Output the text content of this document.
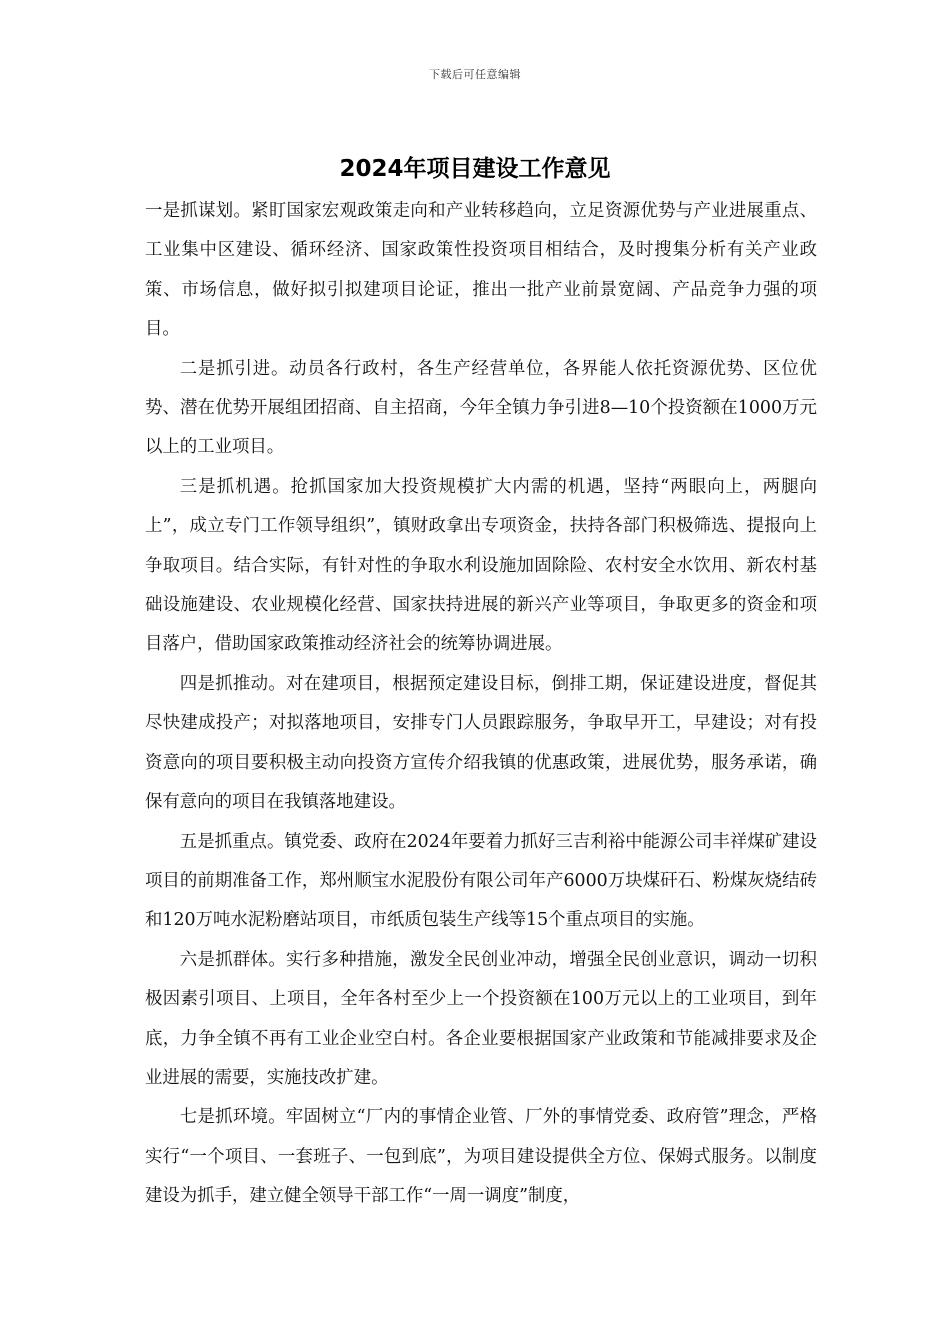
下载后可任意编辑
2024年项目建设工作意见

一是抓谋划。紧盯国家宏观政策走向和产业转移趋向，立足资源优势与产业进展重点、工业集中区建设、循环经济、国家政策性投资项目相结合，及时搜集分析有关产业政策、市场信息，做好拟引拟建项目论证，推出一批产业前景宽阔、产品竞争力强的项目。

二是抓引进。动员各行政村，各生产经营单位，各界能人依托资源优势、区位优势、潜在优势开展组团招商、自主招商，今年全镇力争引进8—10个投资额在1000万元以上的工业项目。

三是抓机遇。抢抓国家加大投资规模扩大内需的机遇，坚持“两眼向上，两腿向上”，成立专门工作领导组织”，镇财政拿出专项资金，扶持各部门积极筛选、提报向上争取项目。结合实际，有针对性的争取水利设施加固除险、农村安全水饮用、新农村基础设施建设、农业规模化经营、国家扶持进展的新兴产业等项目，争取更多的资金和项目落户，借助国家政策推动经济社会的统筹协调进展。

四是抓推动。对在建项目，根据预定建设目标，倒排工期，保证建设进度，督促其尽快建成投产；对拟落地项目，安排专门人员跟踪服务，争取早开工，早建设；对有投资意向的项目要积极主动向投资方宣传介绍我镇的优惠政策，进展优势，服务承诺，确保有意向的项目在我镇落地建设。

五是抓重点。镇党委、政府在2024年要着力抓好三吉利裕中能源公司丰祥煤矿建设项目的前期准备工作，郑州顺宝水泥股份有限公司年产6000万块煤矸石、粉煤灰烧结砖和120万吨水泥粉磨站项目，市纸质包装生产线等15个重点项目的实施。

六是抓群体。实行多种措施，激发全民创业冲动，增强全民创业意识，调动一切积极因素引项目、上项目，全年各村至少上一个投资额在100万元以上的工业项目，到年底，力争全镇不再有工业企业空白村。各企业要根据国家产业政策和节能减排要求及企业进展的需要，实施技改扩建。

七是抓环境。牢固树立“厂内的事情企业管、厂外的事情党委、政府管”理念，严格实行“一个项目、一套班子、一包到底”，为项目建设提供全方位、保姆式服务。以制度建设为抓手，建立健全领导干部工作“一周一调度”制度，
